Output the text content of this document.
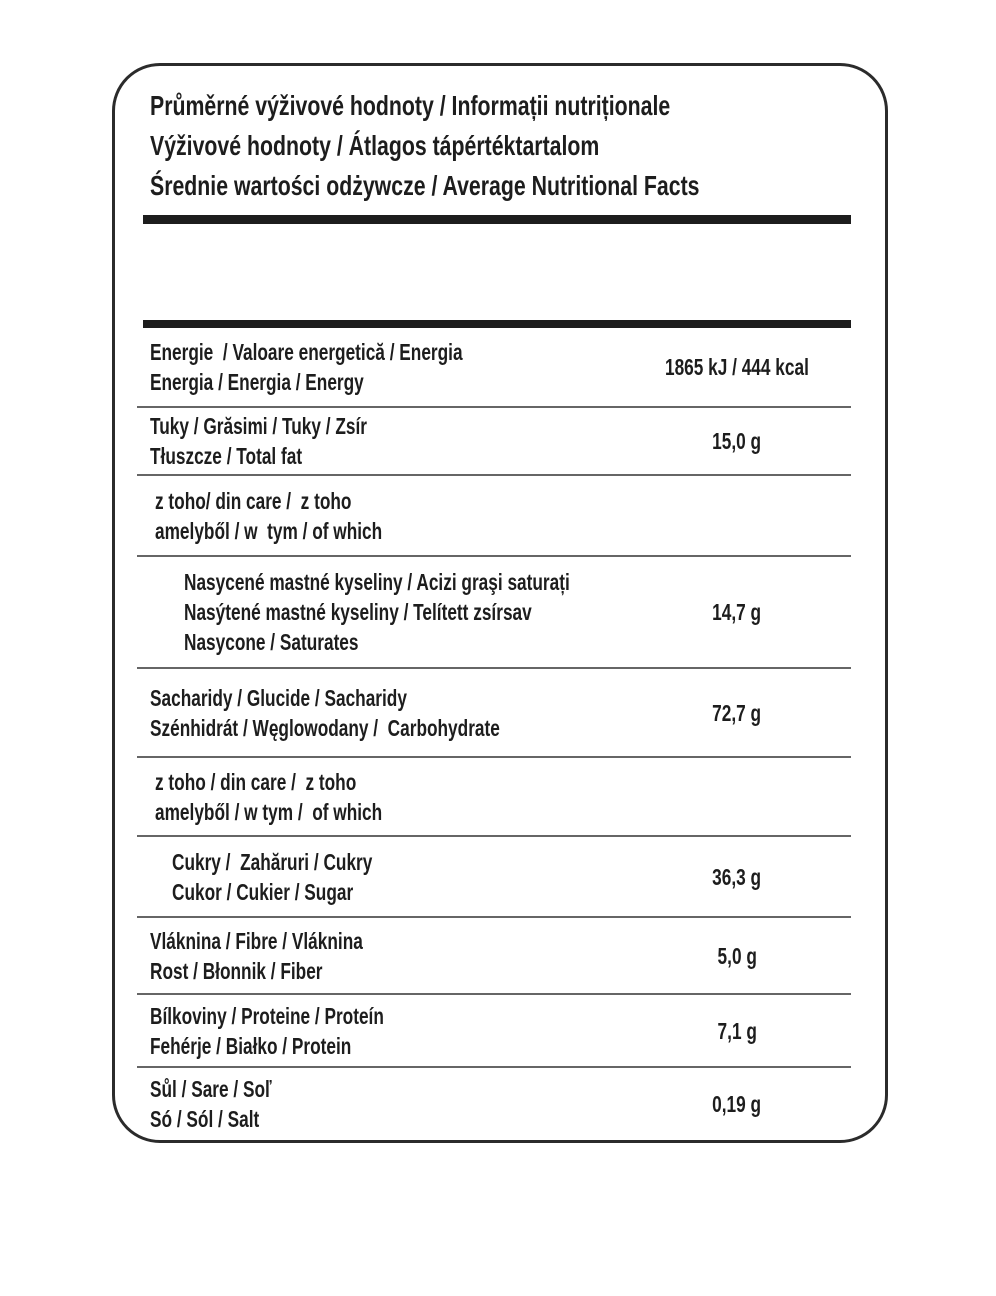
Průměrné výživové hodnoty / Informații nutriționale
Výživové hodnoty / Átlagos tápértéktartalom
Średnie wartości odżywcze / Average Nutritional Facts
Energie  / Valoare energetică / Energia
Energia / Energia / Energy
1865 kJ / 444 kcal
Tuky / Grăsimi / Tuky / Zsír
Tłuszcze / Total fat
15,0 g
z toho/ din care /  z toho
amelyből / w  tym / of which
Nasycené mastné kyseliny / Acizi graşi saturați
Nasýtené mastné kyseliny / Telített zsírsav
Nasycone / Saturates
14,7 g
Sacharidy / Glucide / Sacharidy
Szénhidrát / Węglowodany /  Carbohydrate
72,7 g
z toho / din care /  z toho
amelyből / w tym /  of which
Cukry /  Zahăruri / Cukry
Cukor / Cukier / Sugar
36,3 g
Vláknina / Fibre / Vláknina
Rost / Błonnik / Fiber
5,0 g
Bílkoviny / Proteine / Proteín
Fehérje / Białko / Protein
7,1 g
Sůl / Sare / Soľ
Só / Sól / Salt
0,19 g
